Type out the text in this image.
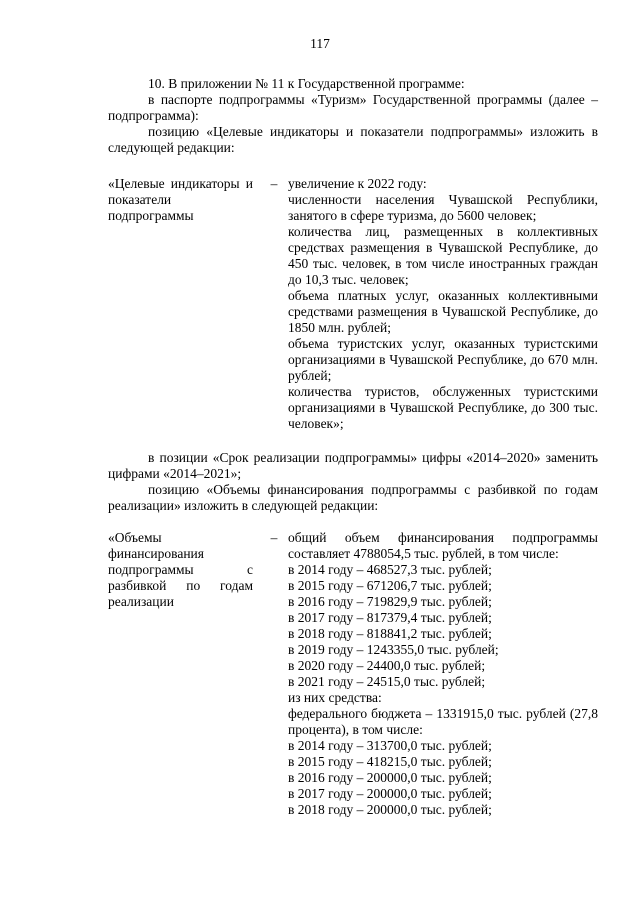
117

10. В приложении № 11 к Государственной программе:

в паспорте подпрограммы «Туризм» Государственной программы (далее – подпрограмма):

позицию «Целевые индикаторы и показатели подпрограммы» изложить в следующей редакции:

«Целевые индикаторы и показатели подпрограммы
– увеличение к 2022 году:

численности населения Чувашской Республики, занятого в сфере туризма, до 5600 человек;

количества лиц, размещенных в коллективных средствах размещения в Чувашской Республике, до 450 тыс. человек, в том числе иностранных граждан до 10,3 тыс. человек;

объема платных услуг, оказанных коллективными средствами размещения в Чувашской Республике, до 1850 млн. рублей;

объема туристских услуг, оказанных туристскими организациями в Чувашской Республике, до 670 млн. рублей;

количества туристов, обслуженных туристскими организациями в Чувашской Республике, до 300 тыс. человек»;

в позиции «Срок реализации подпрограммы» цифры «2014–2020» заменить цифрами «2014–2021»;

позицию «Объемы финансирования подпрограммы с разбивкой по годам реализации» изложить в следующей редакции:

«Объемы финансирования подпрограммы с разбивкой по годам реализации
– общий объем финансирования подпрограммы составляет 4788054,5 тыс. рублей, в том числе:

в 2014 году – 468527,3 тыс. рублей;

в 2015 году – 671206,7 тыс. рублей;

в 2016 году – 719829,9 тыс. рублей;

в 2017 году – 817379,4 тыс. рублей;

в 2018 году – 818841,2 тыс. рублей;

в 2019 году – 1243355,0 тыс. рублей;

в 2020 году – 24400,0 тыс. рублей;

в 2021 году – 24515,0 тыс. рублей;

из них средства:

федерального бюджета – 1331915,0 тыс. рублей (27,8 процента), в том числе:

в 2014 году – 313700,0 тыс. рублей;

в 2015 году – 418215,0 тыс. рублей;

в 2016 году – 200000,0 тыс. рублей;

в 2017 году – 200000,0 тыс. рублей;

в 2018 году – 200000,0 тыс. рублей;
